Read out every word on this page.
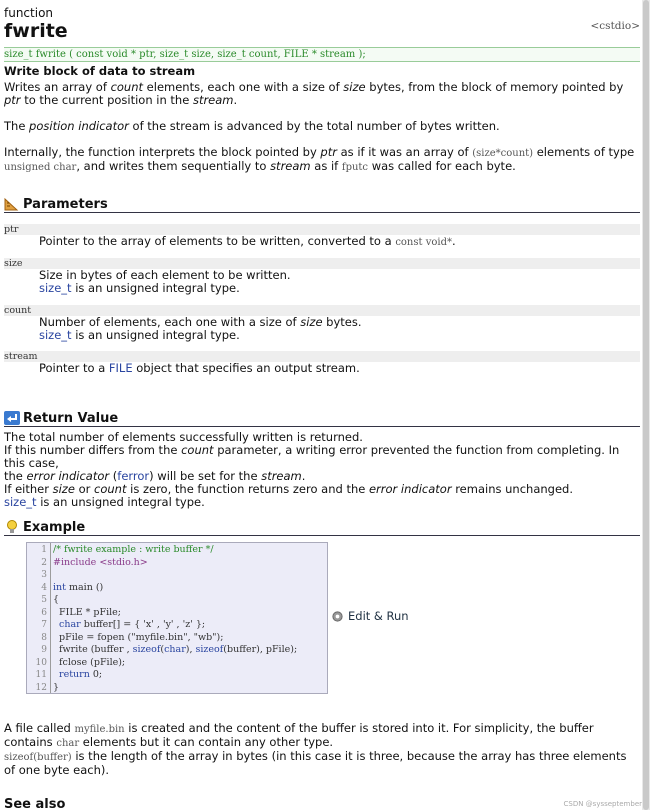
function
fwrite	<cstdio>
size_t fwrite ( const void * ptr, size_t size, size_t count, FILE * stream );
Write block of data to stream

Writes an array of count elements, each one with a size of size bytes, from the block of memory pointed by ptr to the current position in the stream.

The position indicator of the stream is advanced by the total number of bytes written.

Internally, the function interprets the block pointed by ptr as if it was an array of (size*count) elements of type unsigned char, and writes them sequentially to stream as if fputc was called for each byte.

Parameters
ptr

Pointer to the array of elements to be written, converted to a const void*.

size

Size in bytes of each element to be written.

size_t is an unsigned integral type.

count

Number of elements, each one with a size of size bytes.

size_t is an unsigned integral type.

stream

Pointer to a FILE object that specifies an output stream.

Return Value

The total number of elements successfully written is returned.

If this number differs from the count parameter, a writing error prevented the function from completing. In this case,

the error indicator (ferror) will be set for the stream.

If either size or count is zero, the function returns zero and the error indicator remains unchanged.

size_t is an unsigned integral type.

Example
1
2
3
4
5
6
7
8
9
10
11
12
/* fwrite example : write buffer */
#include <stdio.h>

int main ()
{
FILE * pFile;
char buffer[] = { 'x' , 'y' , 'z' };
pFile = fopen ("myfile.bin", "wb");
fwrite (buffer , sizeof(char), sizeof(buffer), pFile);
fclose (pFile);
return 0;
}
Edit & Run

A file called myfile.bin is created and the content of the buffer is stored into it. For simplicity, the buffer contains char elements but it can contain any other type.

sizeof(buffer) is the length of the array in bytes (in this case it is three, because the array has three elements of one byte each).

See also	CSDN @sysseptember
